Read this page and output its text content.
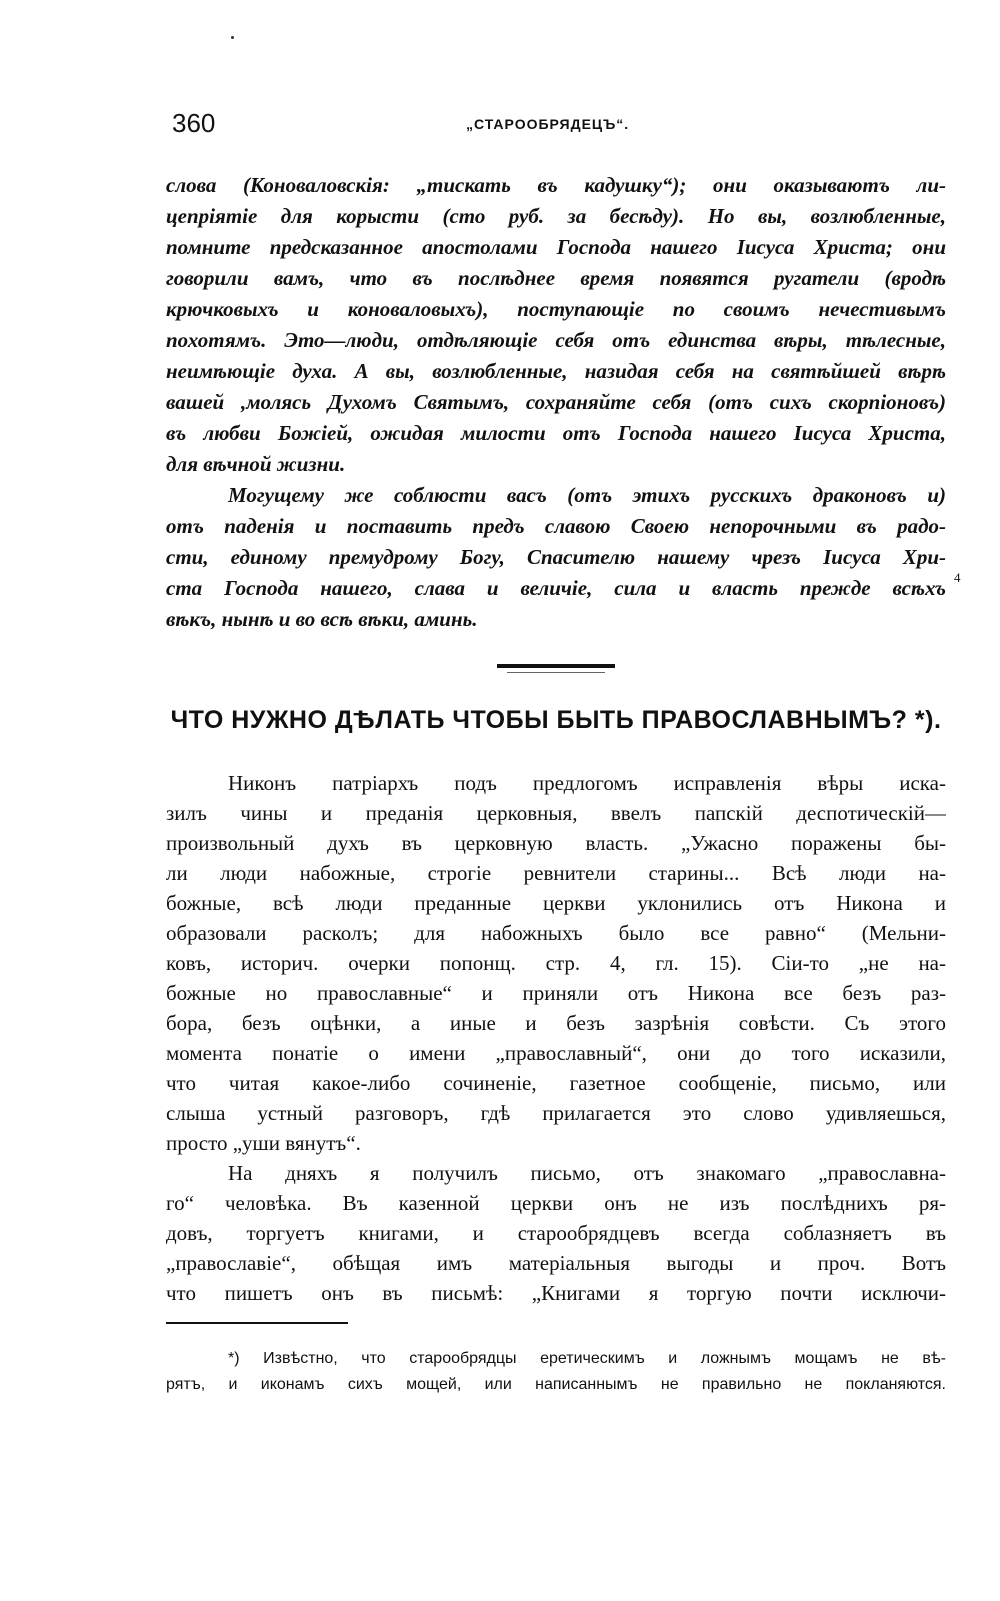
360	„СТАРООБРЯДЕЦЪ“.

слова (Коноваловскія: „тискать въ кадушку“); они оказываютъ ли-

цепріятіе для корысти (сто руб. за бесѣду). Но вы, возлюбленные,

помните предсказанное апостолами Господа нашего Іисуса Христа; они

говорили вамъ, что въ послѣднее время появятся ругатели (вродѣ

крючковыхъ и коноваловыхъ), поступающіе по своимъ нечестивымъ

похотямъ. Это—люди, отдѣляющіе себя отъ единства вѣры, тѣлесные,

неимѣющіе духа. А вы, возлюбленные, назидая себя на святѣйшей вѣрѣ

вашей ,молясь Духомъ Святымъ, сохраняйте себя (отъ сихъ скорпіоновъ)

въ любви Божіей, ожидая милости отъ Господа нашего Іисуса Христа,

для вѣчной жизни.

Могущему же соблюсти васъ (отъ этихъ русскихъ драконовъ и)

отъ паденія и поставить предъ славою Своею непорочными въ радо-

сти, единому премудрому Богу, Спасителю нашему чрезъ Іисуса Хри-

ста Господа нашего, слава и величіе, сила и власть прежде всѣхъ

вѣкъ, нынѣ и во всѣ вѣки, аминь.

4
ЧТО НУЖНО ДѢЛАТЬ ЧТОБЫ БЫТЬ ПРАВОСЛАВНЫМЪ? *).

Никонъ патріархъ подъ предлогомъ исправленія вѣры иска-

зилъ чины и преданія церковныя, ввелъ папскій деспотическій—

произвольный духъ въ церковную власть. „Ужасно поражены бы-

ли люди набожные, строгіе ревнители старины... Всѣ люди на-

божные, всѣ люди преданные церкви уклонились отъ Никона и

образовали расколъ; для набожныхъ было все равно“ (Мельни-

ковъ, историч. очерки попонщ. стр. 4, гл. 15). Сіи-то „не на-

божные но православные“ и приняли отъ Никона все безъ раз-

бора, безъ оцѣнки, а иные и безъ зазрѣнія совѣсти. Съ этого

момента понатіе о имени „православный“, они до того исказили,

что читая какое-либо сочиненіе, газетное сообщеніе, письмо, или

слыша устный разговоръ, гдѣ прилагается это слово удивляешься,

просто „уши вянутъ“.

На дняхъ я получилъ письмо, отъ знакомаго „православна-

го“ человѣка. Въ казенной церкви онъ не изъ послѣднихъ ря-

довъ, торгуетъ книгами, и старообрядцевъ всегда соблазняетъ въ

„православіе“, обѣщая имъ матеріальныя выгоды и проч. Вотъ

что пишетъ онъ въ письмѣ: „Книгами я торгую почти исключи-

*) Извѣстно, что старообрядцы еретическимъ и ложнымъ мощамъ не вѣ-

рятъ, и иконамъ сихъ мощей, или написаннымъ не правильно не покланяются.
